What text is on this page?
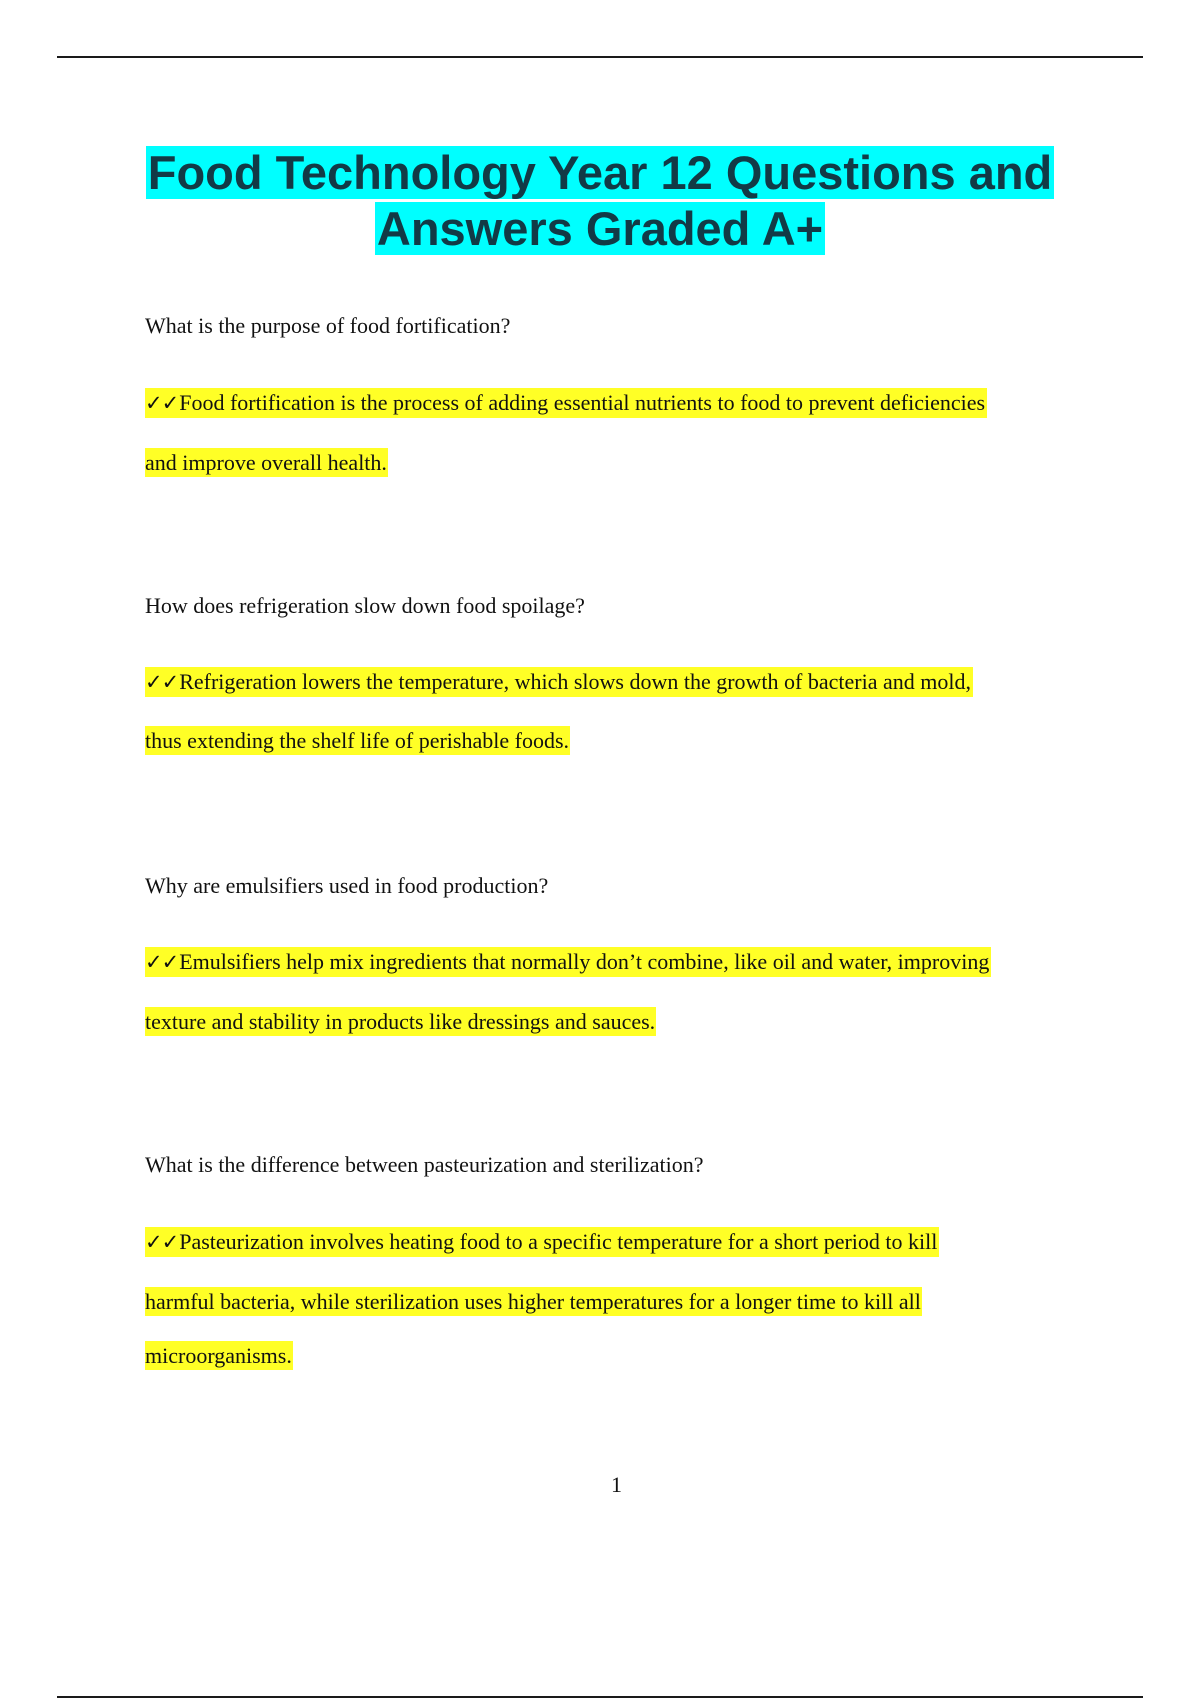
Food Technology Year 12 Questions and
Answers Graded A+
What is the purpose of food fortification?
✓✓Food fortification is the process of adding essential nutrients to food to prevent deficiencies
and improve overall health.
How does refrigeration slow down food spoilage?
✓✓Refrigeration lowers the temperature, which slows down the growth of bacteria and mold,
thus extending the shelf life of perishable foods.
Why are emulsifiers used in food production?
✓✓Emulsifiers help mix ingredients that normally don’t combine, like oil and water, improving
texture and stability in products like dressings and sauces.
What is the difference between pasteurization and sterilization?
✓✓Pasteurization involves heating food to a specific temperature for a short period to kill
harmful bacteria, while sterilization uses higher temperatures for a longer time to kill all
microorganisms.
1
